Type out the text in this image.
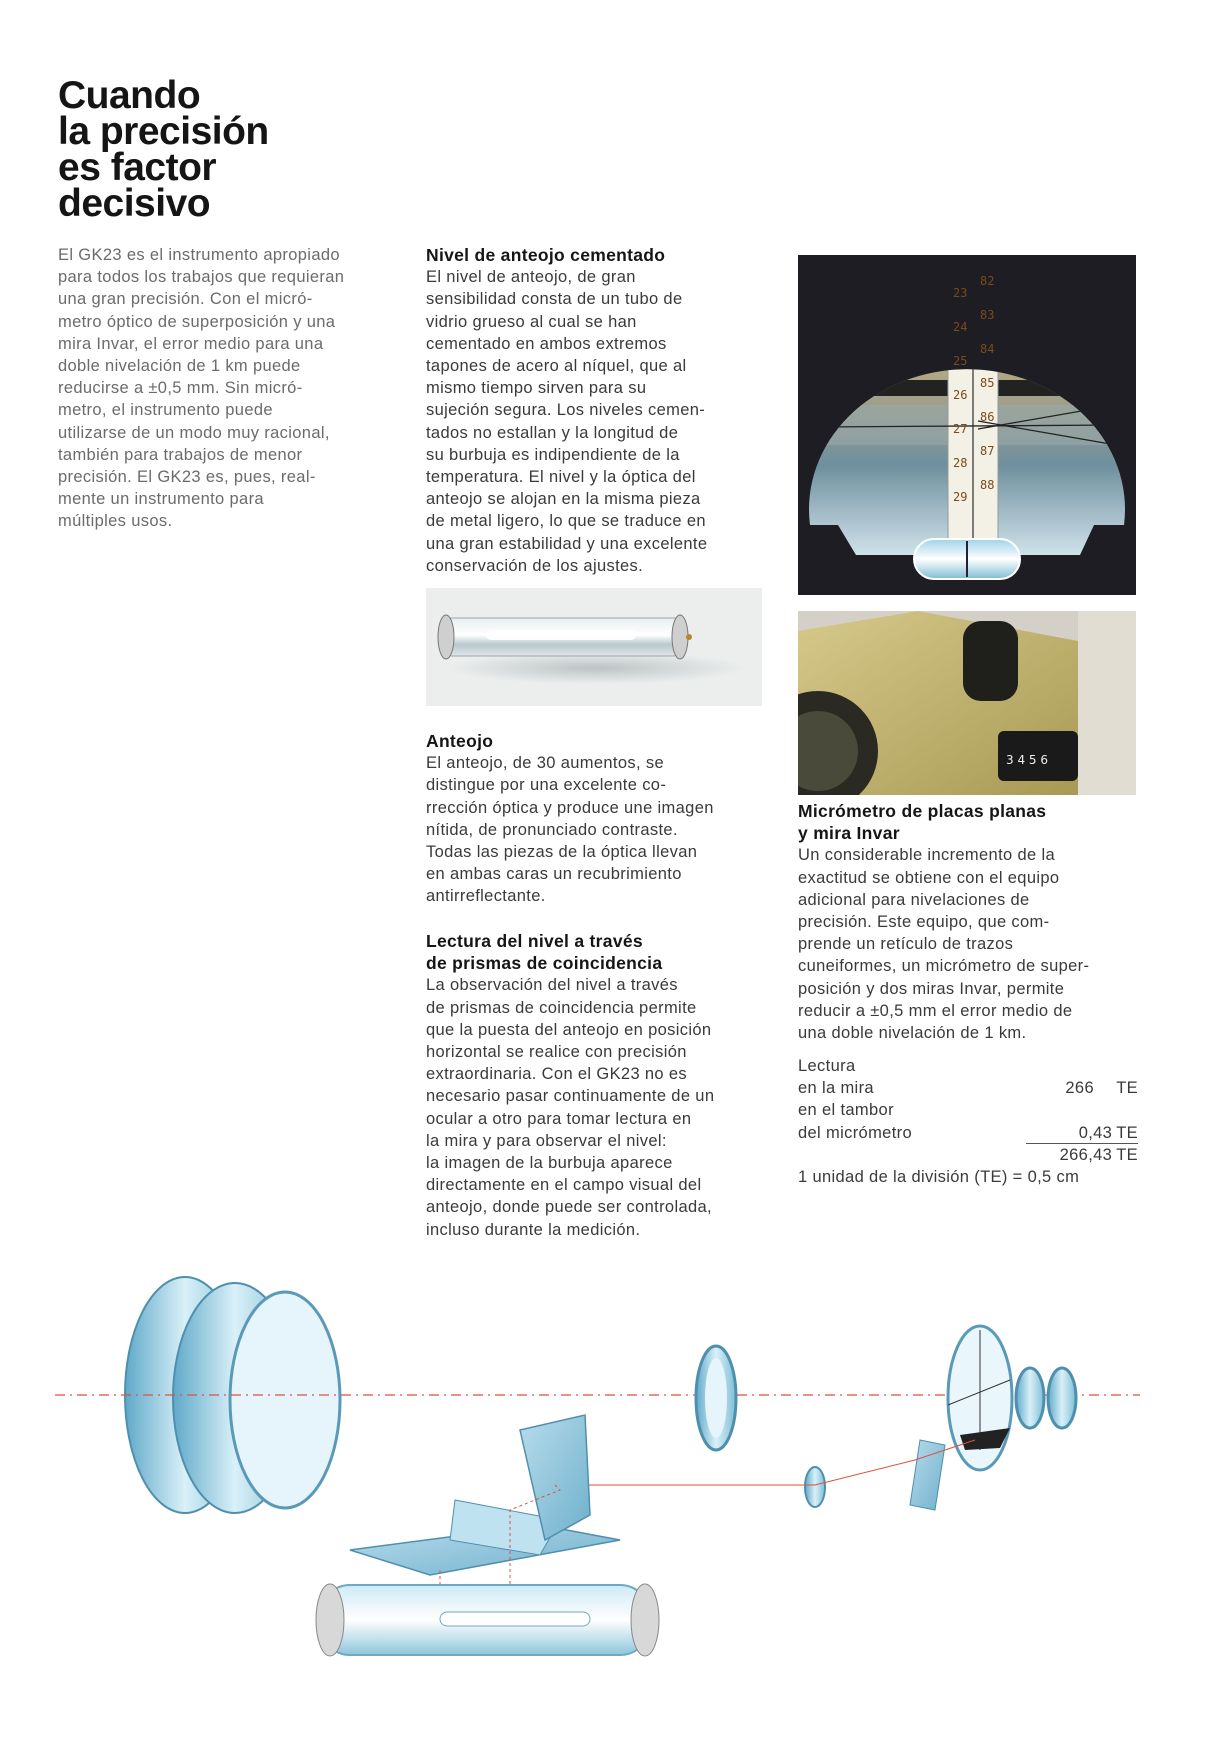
Cuando
la precisión
es factor
decisivo

El GK23 es el instrumento apropiado
para todos los trabajos que requieran
una gran precisión. Con el micró-
metro óptico de superposición y una
mira Invar, el error medio para una
doble nivelación de 1 km puede
reducirse a ±0,5 mm. Sin micró-
metro, el instrumento puede
utilizarse de un modo muy racional,
también para trabajos de menor
precisión. El GK23 es, pues, real-
mente un instrumento para
múltiples usos.

Nivel de anteojo cementado

El nivel de anteojo, de gran
sensibilidad consta de un tubo de
vidrio grueso al cual se han
cementado en ambos extremos
tapones de acero al níquel, que al
mismo tiempo sirven para su
sujeción segura. Los niveles cemen-
tados no estallan y la longitud de
su burbuja es indipendiente de la
temperatura. El nivel y la óptica del
anteojo se alojan en la misma pieza
de metal ligero, lo que se traduce en
una gran estabilidad y una excelente
conservación de los ajustes.

Anteojo

El anteojo, de 30 aumentos, se
distingue por una excelente co-
rrección óptica y produce une imagen
nítida, de pronunciado contraste.
Todas las piezas de la óptica llevan
en ambas caras un recubrimiento
antirreflectante.

Lectura del nivel a través
de prismas de coincidencia

La observación del nivel a través
de prismas de coincidencia permite
que la puesta del anteojo en posición
horizontal se realice con precisión
extraordinaria. Con el GK23 no es
necesario pasar continuamente de un
ocular a otro para tomar lectura en
la mira y para observar el nivel:
la imagen de la burbuja aparece
directamente en el campo visual del
anteojo, donde puede ser controlada,
incluso durante la medición.

23
24
25
26
27
28
29
82
83
84
85
86
87
88
3 4 5 6

Micrómetro de placas planas
y mira Invar

Un considerable incremento de la
exactitud se obtiene con el equipo
adicional para nivelaciones de
precisión. Este equipo, que com-
prende un retículo de trazos
cuneiformes, un micrómetro de super-
posición y dos miras Invar, permite
reducir a ±0,5 mm el error medio de
una doble nivelación de 1 km.

Lectura
en la mira	266	TE
en el tambor
del micrómetro	0,43 TE
266,43 TE
1 unidad de la división (TE) = 0,5 cm
